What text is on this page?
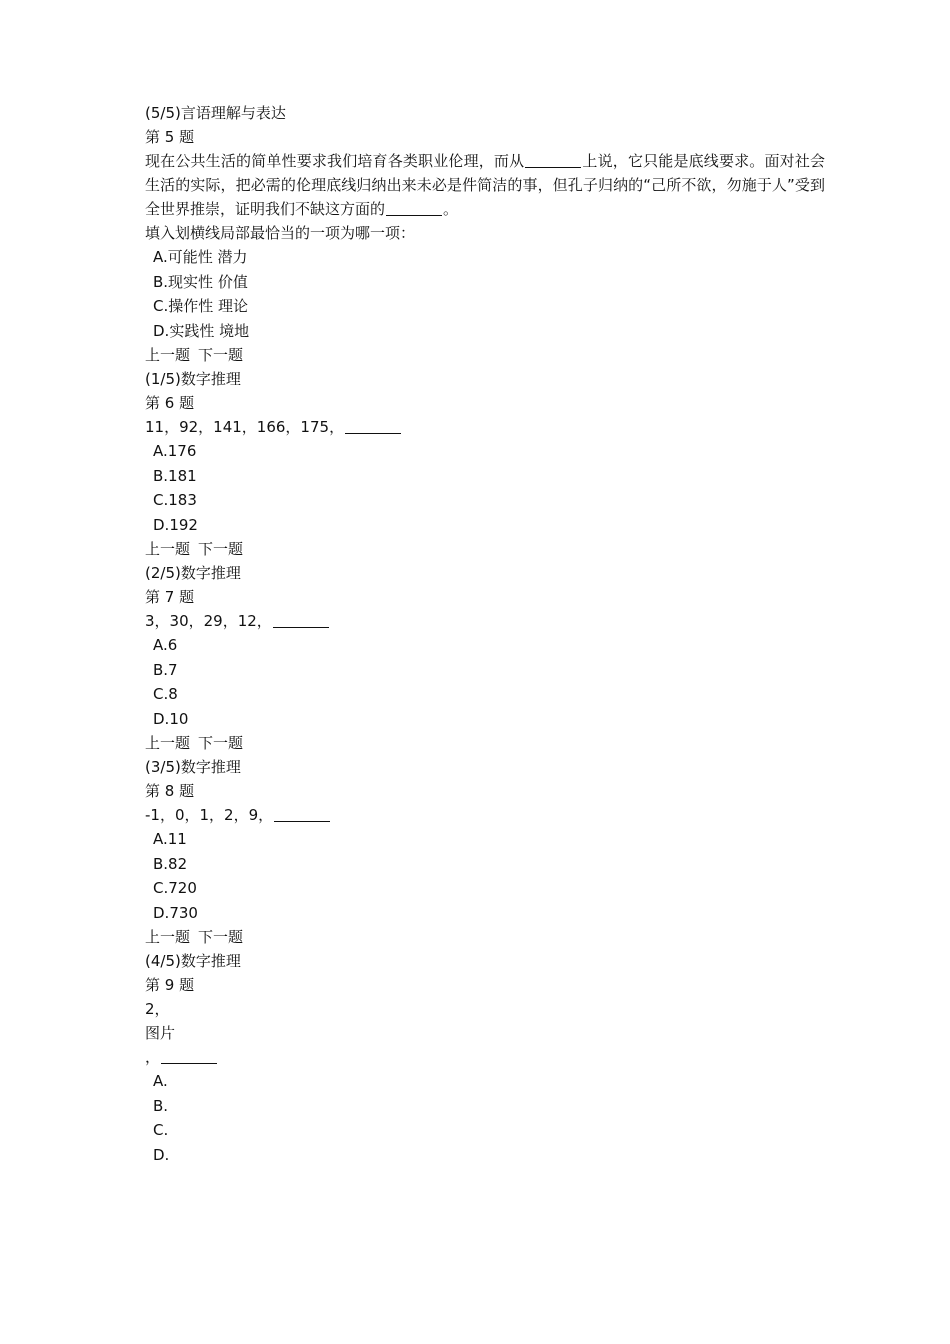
(5/5)言语理解与表达
第 5 题
现在公共生活的简单性要求我们培育各类职业伦理，而从	上说，它只能是底线要求。面对社会生活的实际，把必需的伦理底线归纳出来未必是件简洁的事，但孔子归纳的“己所不欲，勿施于人”受到全世界推崇，证明我们不缺这方面的	。
填入划横线局部最恰当的一项为哪一项：
A.可能性 潜力
B.现实性 价值
C.操作性 理论
D.实践性 境地
上一题 下一题
(1/5)数字推理
第 6 题
11，92，141，166，175，
A.176
B.181
C.183
D.192
上一题 下一题
(2/5)数字推理
第 7 题
3，30，29，12，
A.6
B.7
C.8
D.10
上一题 下一题
(3/5)数字推理
第 8 题
-1，0，1，2，9，
A.11
B.82
C.720
D.730
上一题 下一题
(4/5)数字推理
第 9 题
2，
图片
，
A.
B.
C.
D.
